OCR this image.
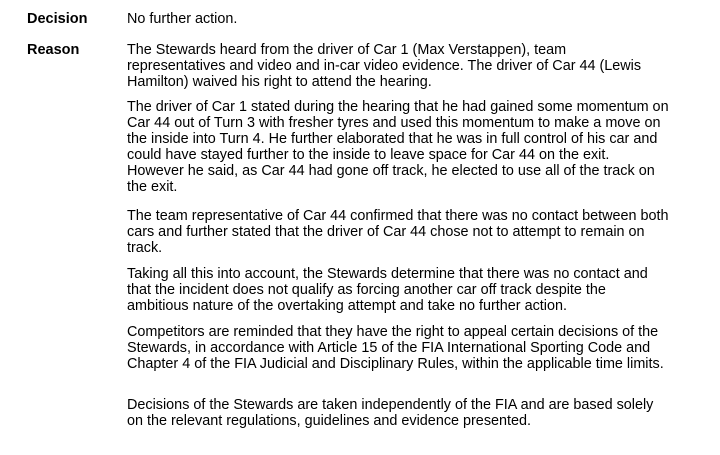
Decision	No further action.

Reason	The Stewards heard from the driver of Car 1 (Max Verstappen), team
representatives and video and in-car video evidence. The driver of Car 44 (Lewis
Hamilton) waived his right to attend the hearing.

The driver of Car 1 stated during the hearing that he had gained some momentum on
Car 44 out of Turn 3 with fresher tyres and used this momentum to make a move on
the inside into Turn 4. He further elaborated that he was in full control of his car and
could have stayed further to the inside to leave space for Car 44 on the exit.
However he said, as Car 44 had gone off track, he elected to use all of the track on
the exit.

The team representative of Car 44 confirmed that there was no contact between both
cars and further stated that the driver of Car 44 chose not to attempt to remain on
track.

Taking all this into account, the Stewards determine that there was no contact and
that the incident does not qualify as forcing another car off track despite the
ambitious nature of the overtaking attempt and take no further action.

Competitors are reminded that they have the right to appeal certain decisions of the
Stewards, in accordance with Article 15 of the FIA International Sporting Code and
Chapter 4 of the FIA Judicial and Disciplinary Rules, within the applicable time limits.

Decisions of the Stewards are taken independently of the FIA and are based solely
on the relevant regulations, guidelines and evidence presented.
